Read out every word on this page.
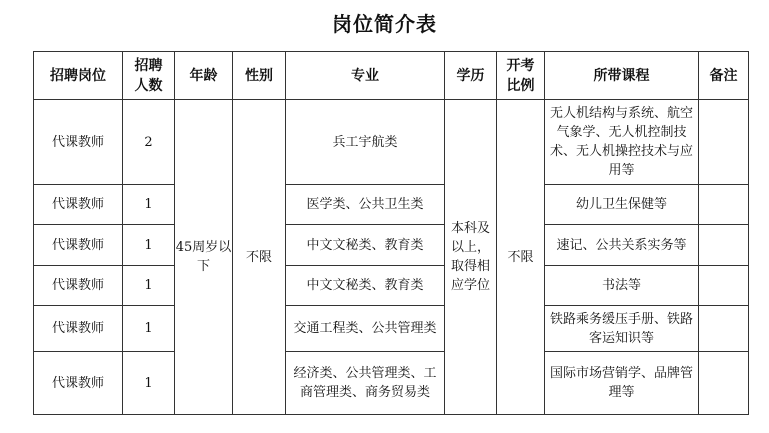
岗位简介表
招聘岗位	招聘人数	年龄	性别	专业	学历	开考比例	所带课程	备注
代课教师	2	45周岁以下	不限	兵工宇航类	本科及以上，取得相应学位	不限	无人机结构与系统、航空气象学、无人机控制技术、无人机操控技术与应用等	
代课教师	1			医学类、公共卫生类			幼儿卫生保健等	
代课教师	1			中文文秘类、教育类			速记、公共关系实务等	
代课教师	1			中文文秘类、教育类			书法等	
代课教师	1			交通工程类、公共管理类			铁路乘务缓压手册、铁路客运知识等	
代课教师	1			经济类、公共管理类、工商管理类、商务贸易类			国际市场营销学、品牌管理等	
